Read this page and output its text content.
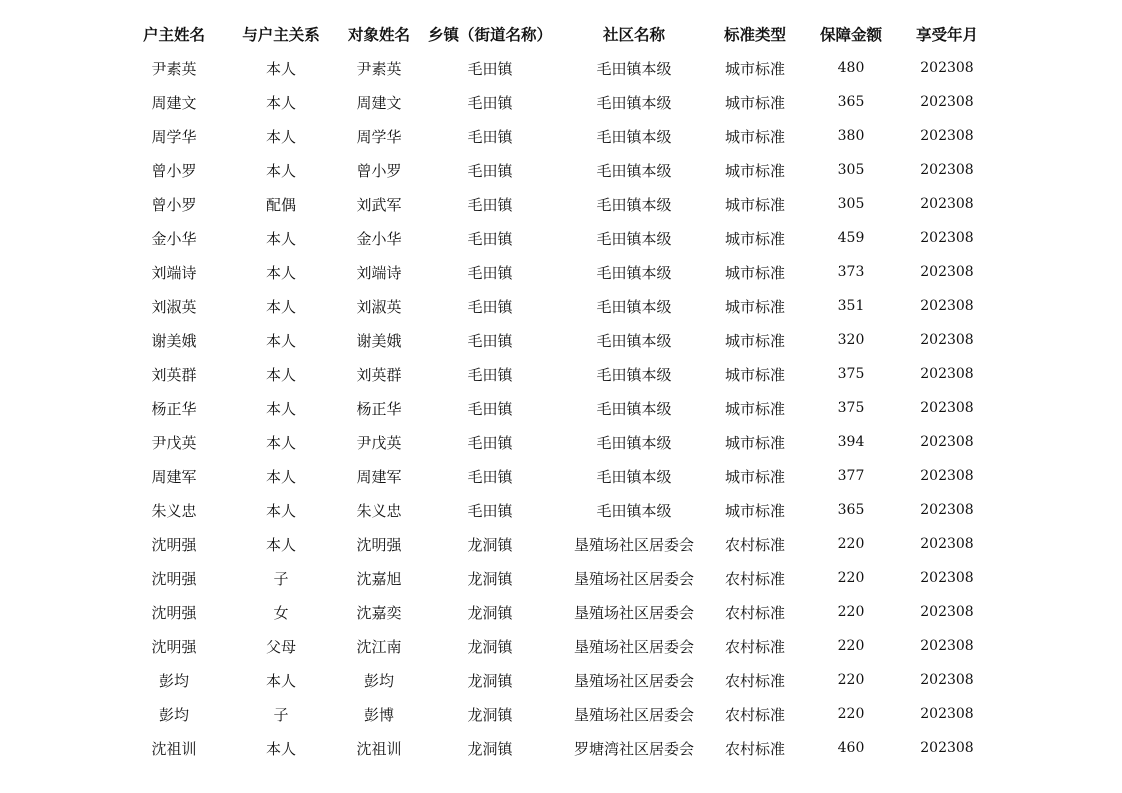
户主姓名	与户主关系	对象姓名	乡镇（街道名称）	社区名称	标准类型	保障金额	享受年月
尹素英	本人	尹素英	毛田镇	毛田镇本级	城市标准	480	202308
周建文	本人	周建文	毛田镇	毛田镇本级	城市标准	365	202308
周学华	本人	周学华	毛田镇	毛田镇本级	城市标准	380	202308
曾小罗	本人	曾小罗	毛田镇	毛田镇本级	城市标准	305	202308
曾小罗	配偶	刘武军	毛田镇	毛田镇本级	城市标准	305	202308
金小华	本人	金小华	毛田镇	毛田镇本级	城市标准	459	202308
刘端诗	本人	刘端诗	毛田镇	毛田镇本级	城市标准	373	202308
刘淑英	本人	刘淑英	毛田镇	毛田镇本级	城市标准	351	202308
谢美娥	本人	谢美娥	毛田镇	毛田镇本级	城市标准	320	202308
刘英群	本人	刘英群	毛田镇	毛田镇本级	城市标准	375	202308
杨正华	本人	杨正华	毛田镇	毛田镇本级	城市标准	375	202308
尹戊英	本人	尹戊英	毛田镇	毛田镇本级	城市标准	394	202308
周建军	本人	周建军	毛田镇	毛田镇本级	城市标准	377	202308
朱义忠	本人	朱义忠	毛田镇	毛田镇本级	城市标准	365	202308
沈明强	本人	沈明强	龙洞镇	垦殖场社区居委会	农村标准	220	202308
沈明强	子	沈嘉旭	龙洞镇	垦殖场社区居委会	农村标准	220	202308
沈明强	女	沈嘉奕	龙洞镇	垦殖场社区居委会	农村标准	220	202308
沈明强	父母	沈江南	龙洞镇	垦殖场社区居委会	农村标准	220	202308
彭均	本人	彭均	龙洞镇	垦殖场社区居委会	农村标准	220	202308
彭均	子	彭博	龙洞镇	垦殖场社区居委会	农村标准	220	202308
沈祖训	本人	沈祖训	龙洞镇	罗塘湾社区居委会	农村标准	460	202308
